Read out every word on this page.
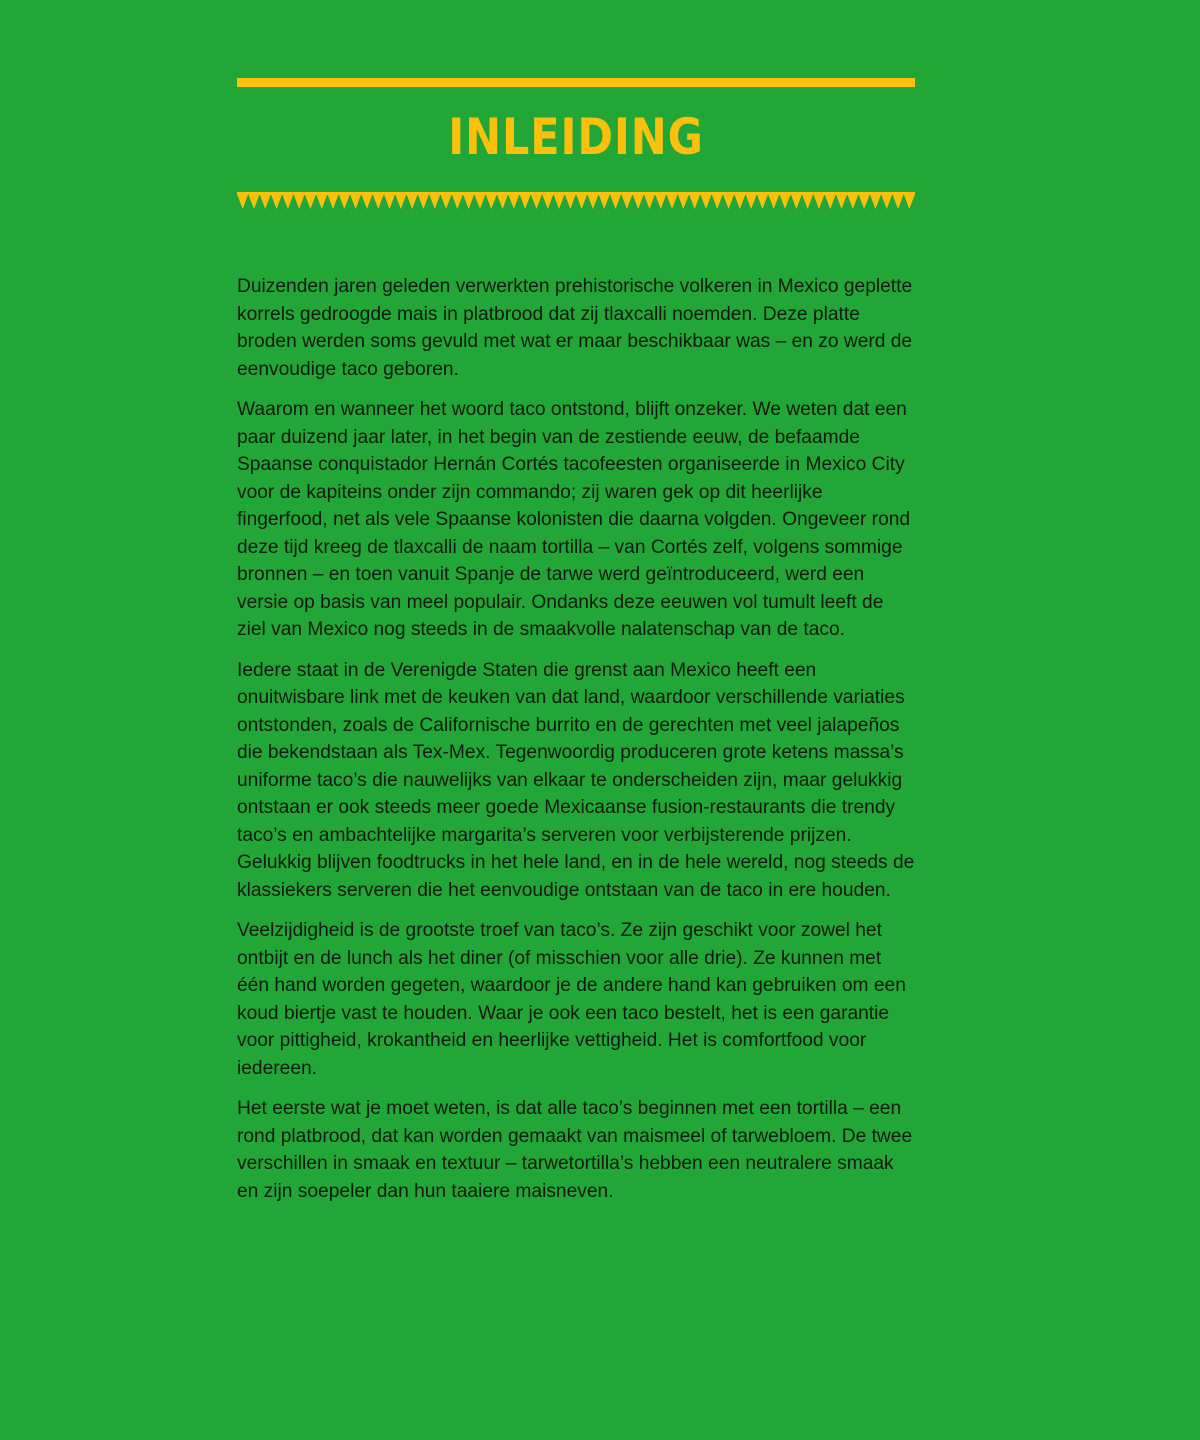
INLEIDING

Duizenden jaren geleden verwerkten prehistorische volkeren in Mexico geplette korrels gedroogde mais in platbrood dat zij tlaxcalli noemden. Deze platte broden werden soms gevuld met wat er maar beschikbaar was – en zo werd de eenvoudige taco geboren.

Waarom en wanneer het woord taco ontstond, blijft onzeker. We weten dat een paar duizend jaar later, in het begin van de zestiende eeuw, de befaamde Spaanse conquistador Hernán Cortés tacofeesten organiseerde in Mexico City voor de kapiteins onder zijn commando; zij waren gek op dit heerlijke fingerfood, net als vele Spaanse kolonisten die daarna volgden. Ongeveer rond deze tijd kreeg de tlaxcalli de naam tortilla – van Cortés zelf, volgens sommige bronnen – en toen vanuit Spanje de tarwe werd geïntroduceerd, werd een versie op basis van meel populair. Ondanks deze eeuwen vol tumult leeft de ziel van Mexico nog steeds in de smaakvolle nalatenschap van de taco.

Iedere staat in de Verenigde Staten die grenst aan Mexico heeft een onuitwisbare link met de keuken van dat land, waardoor verschillende variaties ontstonden, zoals de Californische burrito en de gerechten met veel jalapeños die bekendstaan als Tex-Mex. Tegenwoordig produceren grote ketens massa’s uniforme taco’s die nauwelijks van elkaar te onderscheiden zijn, maar gelukkig ontstaan er ook steeds meer goede Mexicaanse fusion-restaurants die trendy taco’s en ambachtelijke margarita’s serveren voor verbijsterende prijzen. Gelukkig blijven foodtrucks in het hele land, en in de hele wereld, nog steeds de klassiekers serveren die het eenvoudige ontstaan van de taco in ere houden.

Veelzijdigheid is de grootste troef van taco’s. Ze zijn geschikt voor zowel het ontbijt en de lunch als het diner (of misschien voor alle drie). Ze kunnen met één hand worden gegeten, waardoor je de andere hand kan gebruiken om een koud biertje vast te houden. Waar je ook een taco bestelt, het is een garantie voor pittigheid, krokantheid en heerlijke vettigheid. Het is comfortfood voor iedereen.

Het eerste wat je moet weten, is dat alle taco’s beginnen met een tortilla – een rond platbrood, dat kan worden gemaakt van maismeel of tarwebloem. De twee verschillen in smaak en textuur – tarwetortilla’s hebben een neutralere smaak en zijn soepeler dan hun taaiere maisneven.
